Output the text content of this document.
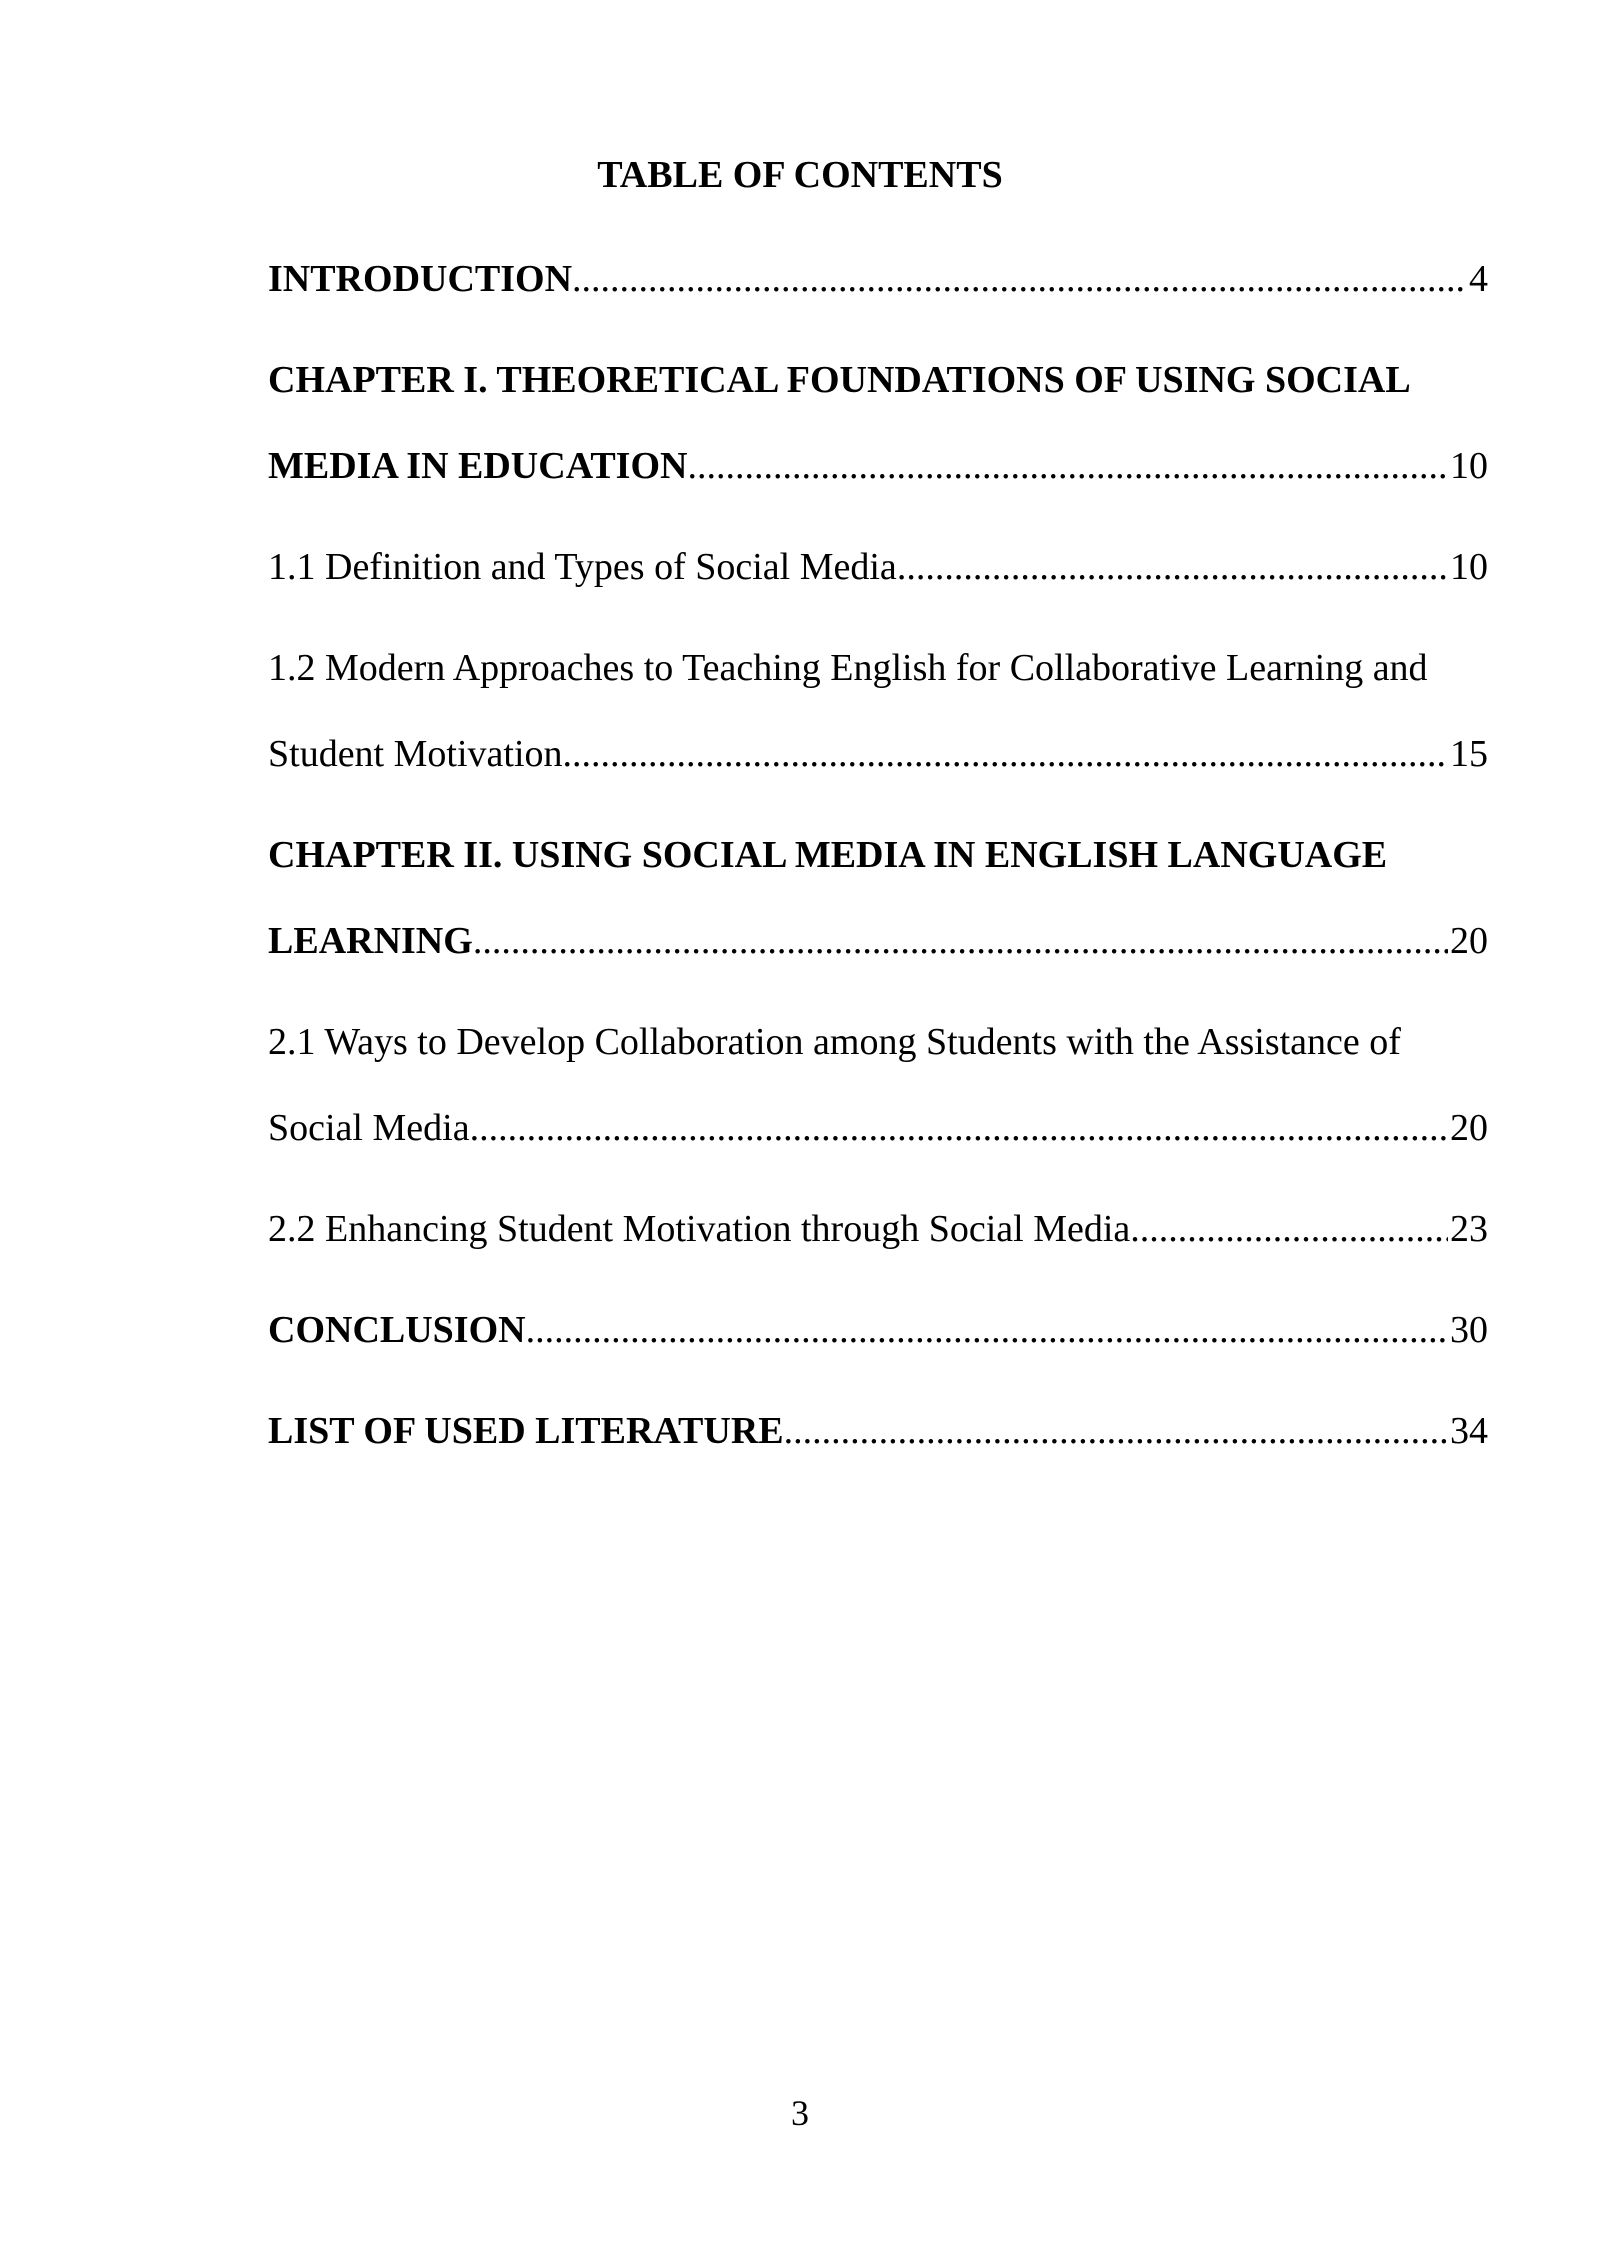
TABLE OF CONTENTS
INTRODUCTION .....	4
CHAPTER I. THEORETICAL FOUNDATIONS OF USING SOCIAL
MEDIA IN EDUCATION .....	10
1.1 Definition and Types of Social Media .....	10
1.2 Modern Approaches to Teaching English for Collaborative Learning and
Student Motivation .....	15
CHAPTER II. USING SOCIAL MEDIA IN ENGLISH LANGUAGE
LEARNING .....	20
2.1 Ways to Develop Collaboration among Students with the Assistance of
Social Media .....	20
2.2 Enhancing Student Motivation through Social Media .....	23
CONCLUSION .....	30
LIST OF USED LITERATURE .....	34
3
